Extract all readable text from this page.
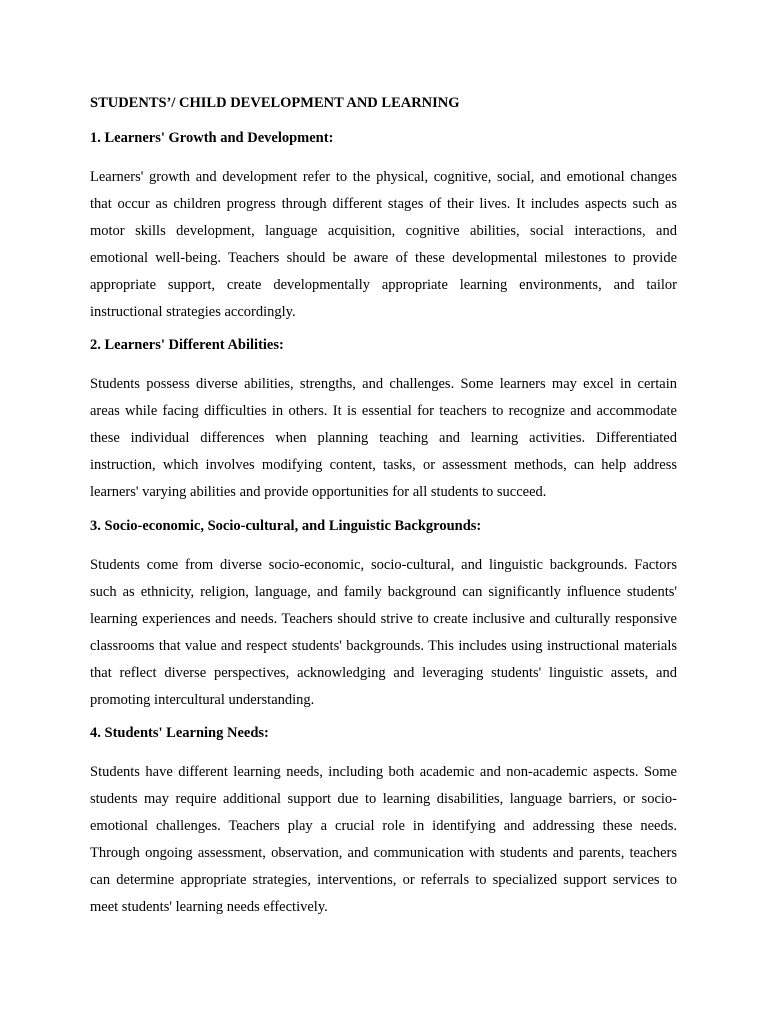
STUDENTS’/ CHILD DEVELOPMENT AND LEARNING
1. Learners' Growth and Development:

Learners' growth and development refer to the physical, cognitive, social, and emotional changes that occur as children progress through different stages of their lives. It includes aspects such as motor skills development, language acquisition, cognitive abilities, social interactions, and emotional well-being. Teachers should be aware of these developmental milestones to provide appropriate support, create developmentally appropriate learning environments, and tailor instructional strategies accordingly.

2. Learners' Different Abilities:

Students possess diverse abilities, strengths, and challenges. Some learners may excel in certain areas while facing difficulties in others. It is essential for teachers to recognize and accommodate these individual differences when planning teaching and learning activities. Differentiated instruction, which involves modifying content, tasks, or assessment methods, can help address learners' varying abilities and provide opportunities for all students to succeed.

3. Socio-economic, Socio-cultural, and Linguistic Backgrounds:

Students come from diverse socio-economic, socio-cultural, and linguistic backgrounds. Factors such as ethnicity, religion, language, and family background can significantly influence students' learning experiences and needs. Teachers should strive to create inclusive and culturally responsive classrooms that value and respect students' backgrounds. This includes using instructional materials that reflect diverse perspectives, acknowledging and leveraging students' linguistic assets, and promoting intercultural understanding.

4. Students' Learning Needs:

Students have different learning needs, including both academic and non-academic aspects. Some students may require additional support due to learning disabilities, language barriers, or socio-emotional challenges. Teachers play a crucial role in identifying and addressing these needs. Through ongoing assessment, observation, and communication with students and parents, teachers can determine appropriate strategies, interventions, or referrals to specialized support services to meet students' learning needs effectively.
